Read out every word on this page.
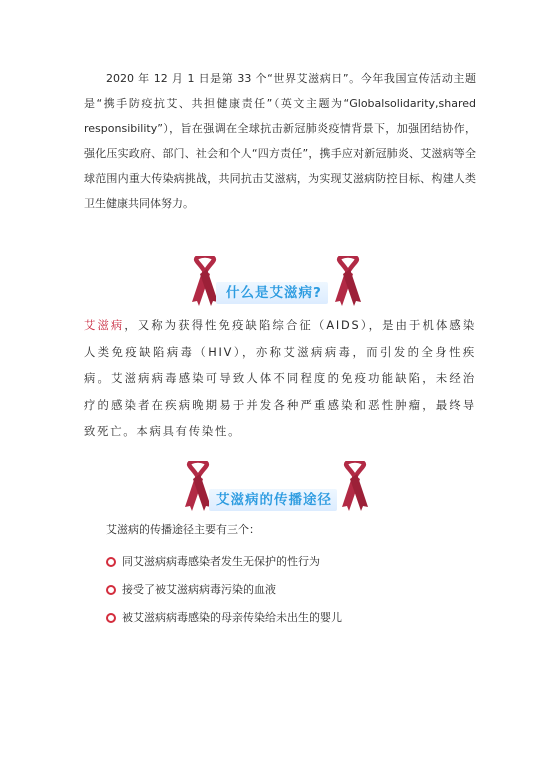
2020 年 12 月 1 日是第 33 个“世界艾滋病日”。今年我国宣传活动主题是“携手防疫抗艾、共担健康责任”（英文主题为“Globalsolidarity,shared responsibility”），旨在强调在全球抗击新冠肺炎疫情背景下，加强团结协作，强化压实政府、部门、社会和个人“四方责任”，携手应对新冠肺炎、艾滋病等全球范围内重大传染病挑战，共同抗击艾滋病，为实现艾滋病防控目标、构建人类卫生健康共同体努力。

什么是艾滋病?

艾滋病，又称为获得性免疫缺陷综合征（AIDS），是由于机体感染人类免疫缺陷病毒（HIV），亦称艾滋病病毒，而引发的全身性疾病。艾滋病病毒感染可导致人体不同程度的免疫功能缺陷，未经治疗的感染者在疾病晚期易于并发各种严重感染和恶性肿瘤，最终导致死亡。本病具有传染性。

艾滋病的传播途径

艾滋病的传播途径主要有三个：

同艾滋病病毒感染者发生无保护的性行为
接受了被艾滋病病毒污染的血液
被艾滋病病毒感染的母亲传染给未出生的婴儿
